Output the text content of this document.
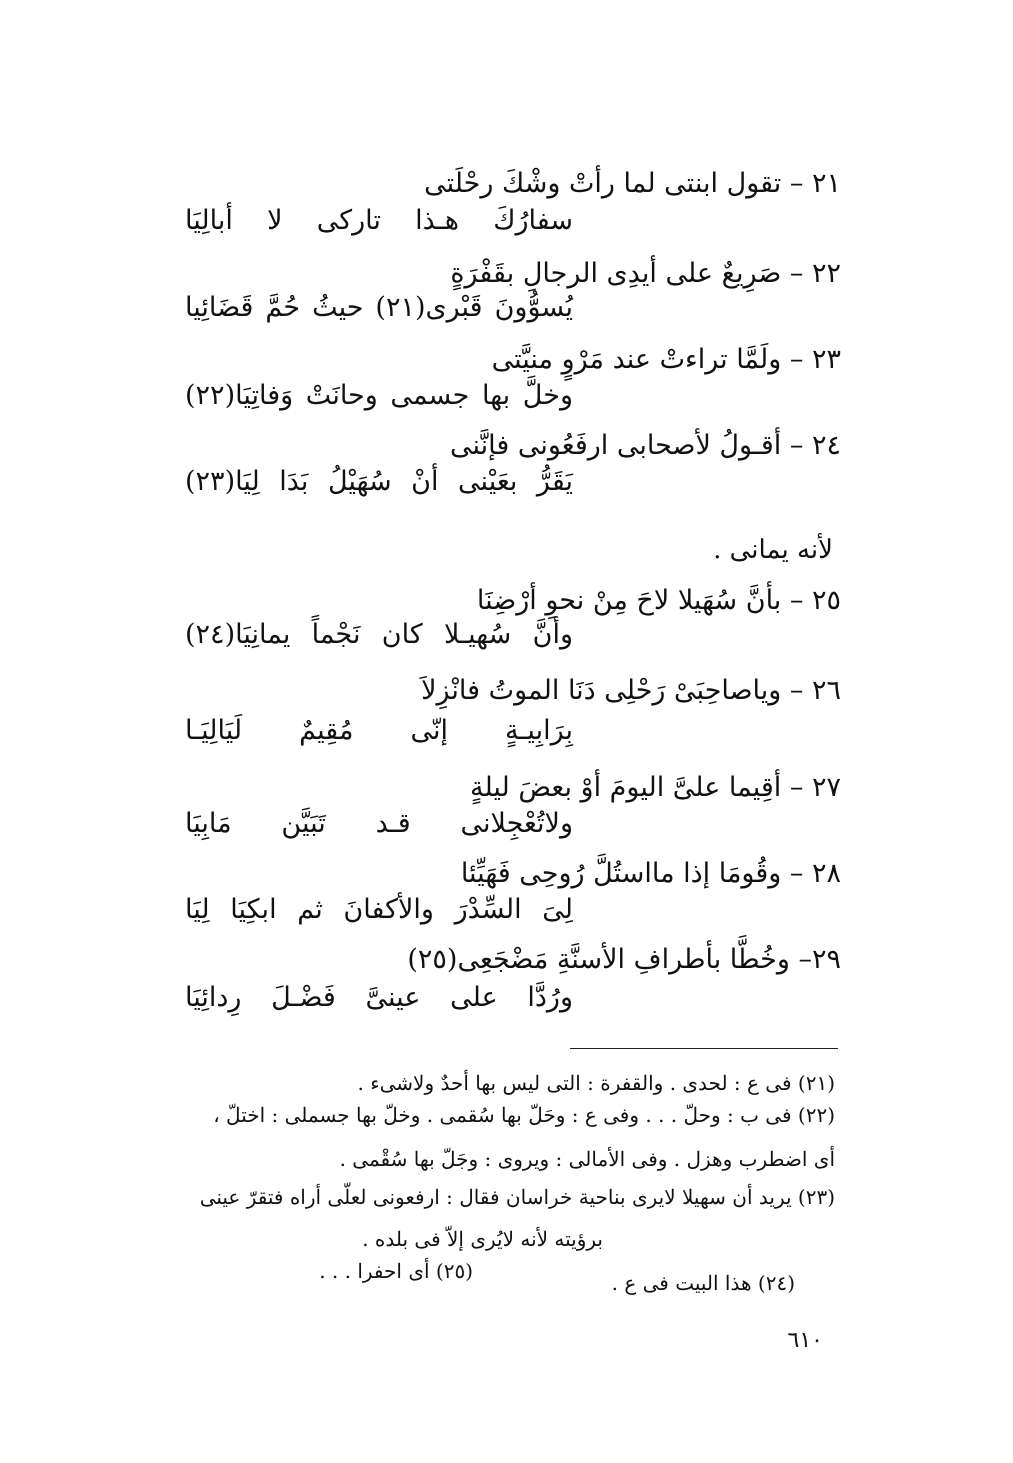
٢١ – تقول ابنتى لما رأتْ وشْكَ رحْلَتى
سفارُكَ هـذا تاركى لا أبالِيَا
٢٢ – صَرِيعٌ على أيدِى الرجالِ بقَفْرَةٍ
يُسوُّونَ قَبْرى(٢١) حيثُ حُمَّ قَضَائِيا
٢٣ – ولَمَّا تراءتْ عند مَرْوٍ منيَّتى
وخلَّ بها جسمى وحانَتْ وَفاتِيَا(٢٢)
٢٤ – أقـولُ لأصحابى ارفَعُونى فإنَّنى
يَقَرُّ بعَيْنى أنْ سُهَيْلُ بَدَا لِيَا(٢٣)
لأنه يمانى .
٢٥ – بأنَّ سُهَيلا لاحَ مِنْ نحوِ أرْضِنَا
وأنَّ سُهيـلا كان نَجْماً يمانِيَا(٢٤)
٢٦ – وياصاحِبَىْ رَحْلِى دَنَا الموتُ فانْزِلاَ
بِرَابِيـةٍ إنّى مُقِيمٌ لَيَالِيَـا
٢٧ – أقِيما علىَّ اليومَ أوْ بعضَ ليلةٍ
ولاتُعْجِلانى قـد تَبَيَّن مَابِيَا
٢٨ – وقُومَا إذا مااستُلَّ رُوحِى فَهَيِّئا
لِىَ السِّدْرَ والأكفانَ ثم ابكِيَا لِيَا
٢٩– وخُطَّا بأطرافِ الأسنَّةِ مَضْجَعِى(٢٥)
ورُدَّا على عينىَّ فَضْـلَ رِدائِيَا
(٢١) فى ع : لحدى . والقفرة : التى ليس بها أحدٌ ولاشىء .
(٢٢) فى ب : وحلّ . . . وفى ع : وحَلّ بها سُقمى . وخلّ بها جسملى : اختلّ ،
أى اضطرب وهزل . وفى الأمالى : ويروى : وجَلّ بها سُقْمى .
(٢٣) يريد أن سهيلا لايرى بناحية خراسان فقال : ارفعونى لعلّى أراه فتقرّ عينى
برؤيته لأنه لايُرى إلاّ فى بلده .
(٢٥) أى احفرا . . .	(٢٤) هذا البيت فى ع .
٦١٠
